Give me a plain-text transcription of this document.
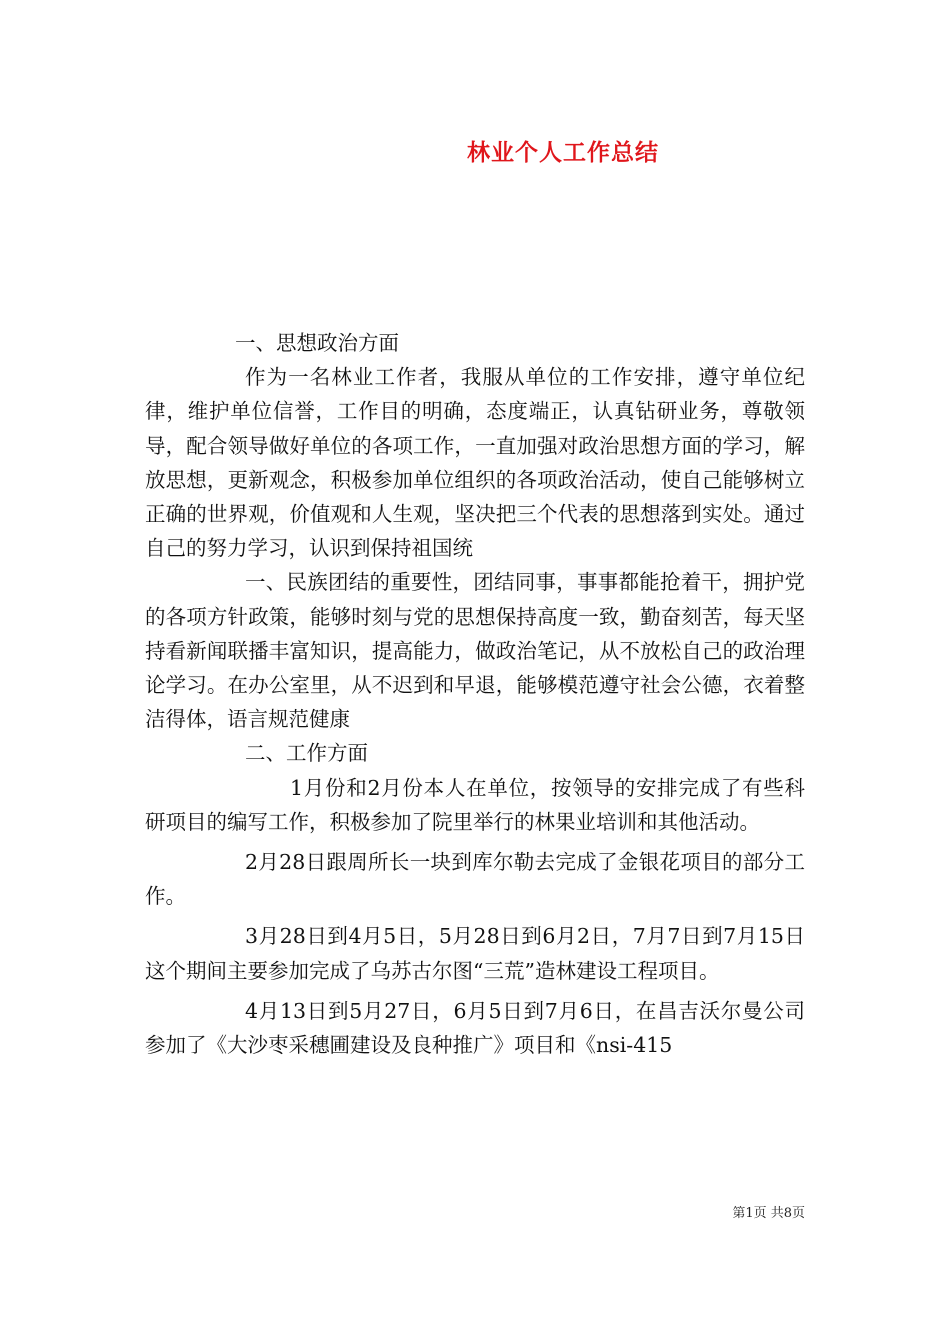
林业个人工作总结

一、思想政治方面

作为一名林业工作者，我服从单位的工作安排，遵守单位纪律，维护单位信誉，工作目的明确，态度端正，认真钻研业务，尊敬领导，配合领导做好单位的各项工作，一直加强对政治思想方面的学习，解放思想，更新观念，积极参加单位组织的各项政治活动，使自己能够树立正确的世界观，价值观和人生观，坚决把三个代表的思想落到实处。通过自己的努力学习，认识到保持祖国统

一、民族团结的重要性，团结同事，事事都能抢着干，拥护党的各项方针政策，能够时刻与党的思想保持高度一致，勤奋刻苦，每天坚持看新闻联播丰富知识，提高能力，做政治笔记，从不放松自己的政治理论学习。在办公室里，从不迟到和早退，能够模范遵守社会公德，衣着整洁得体，语言规范健康

二、工作方面

1月份和2月份本人在单位，按领导的安排完成了有些科研项目的编写工作，积极参加了院里举行的林果业培训和其他活动。

2月28日跟周所长一块到库尔勒去完成了金银花项目的部分工作。

3月28日到4月5日，5月28日到6月2日，7月7日到7月15日这个期间主要参加完成了乌苏古尔图“三荒”造林建设工程项目。

4月13日到5月27日，6月5日到7月6日，在昌吉沃尔曼公司参加了《大沙枣采穗圃建设及良种推广》项目和《nsi-415

第1页 共8页
